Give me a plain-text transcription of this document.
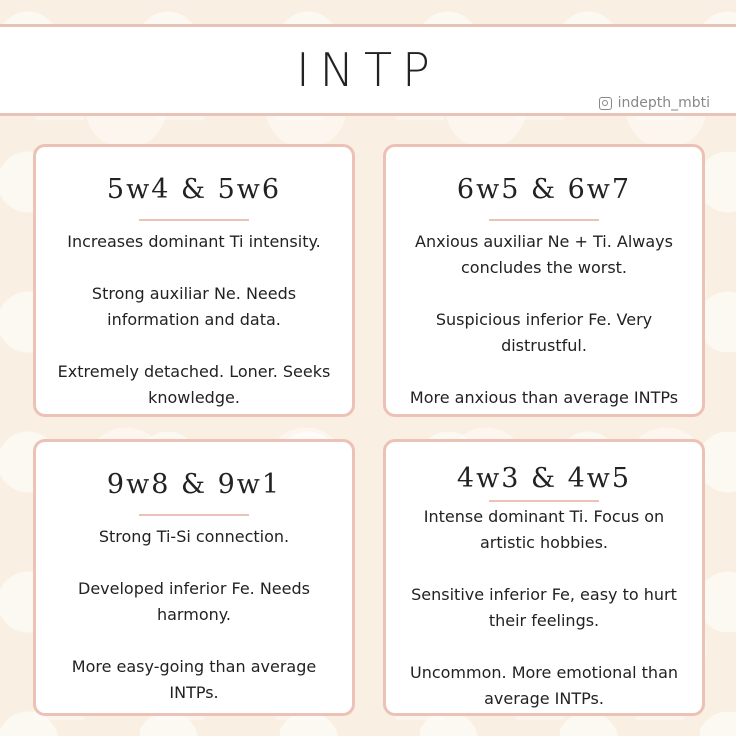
INTP
indepth_mbti
5w4 & 5w6
Increases dominant Ti intensity.
Strong auxiliar Ne. Needs information and data.
Extremely detached. Loner. Seeks knowledge.
6w5 & 6w7
Anxious auxiliar Ne + Ti. Always concludes the worst.
Suspicious inferior Fe. Very distrustful.
More anxious than average INTPs
9w8 & 9w1
Strong Ti-Si connection.
Developed inferior Fe. Needs harmony.
More easy-going than average INTPs.
4w3 & 4w5
Intense dominant Ti. Focus on artistic hobbies.
Sensitive inferior Fe, easy to hurt their feelings.
Uncommon. More emotional than average INTPs.
